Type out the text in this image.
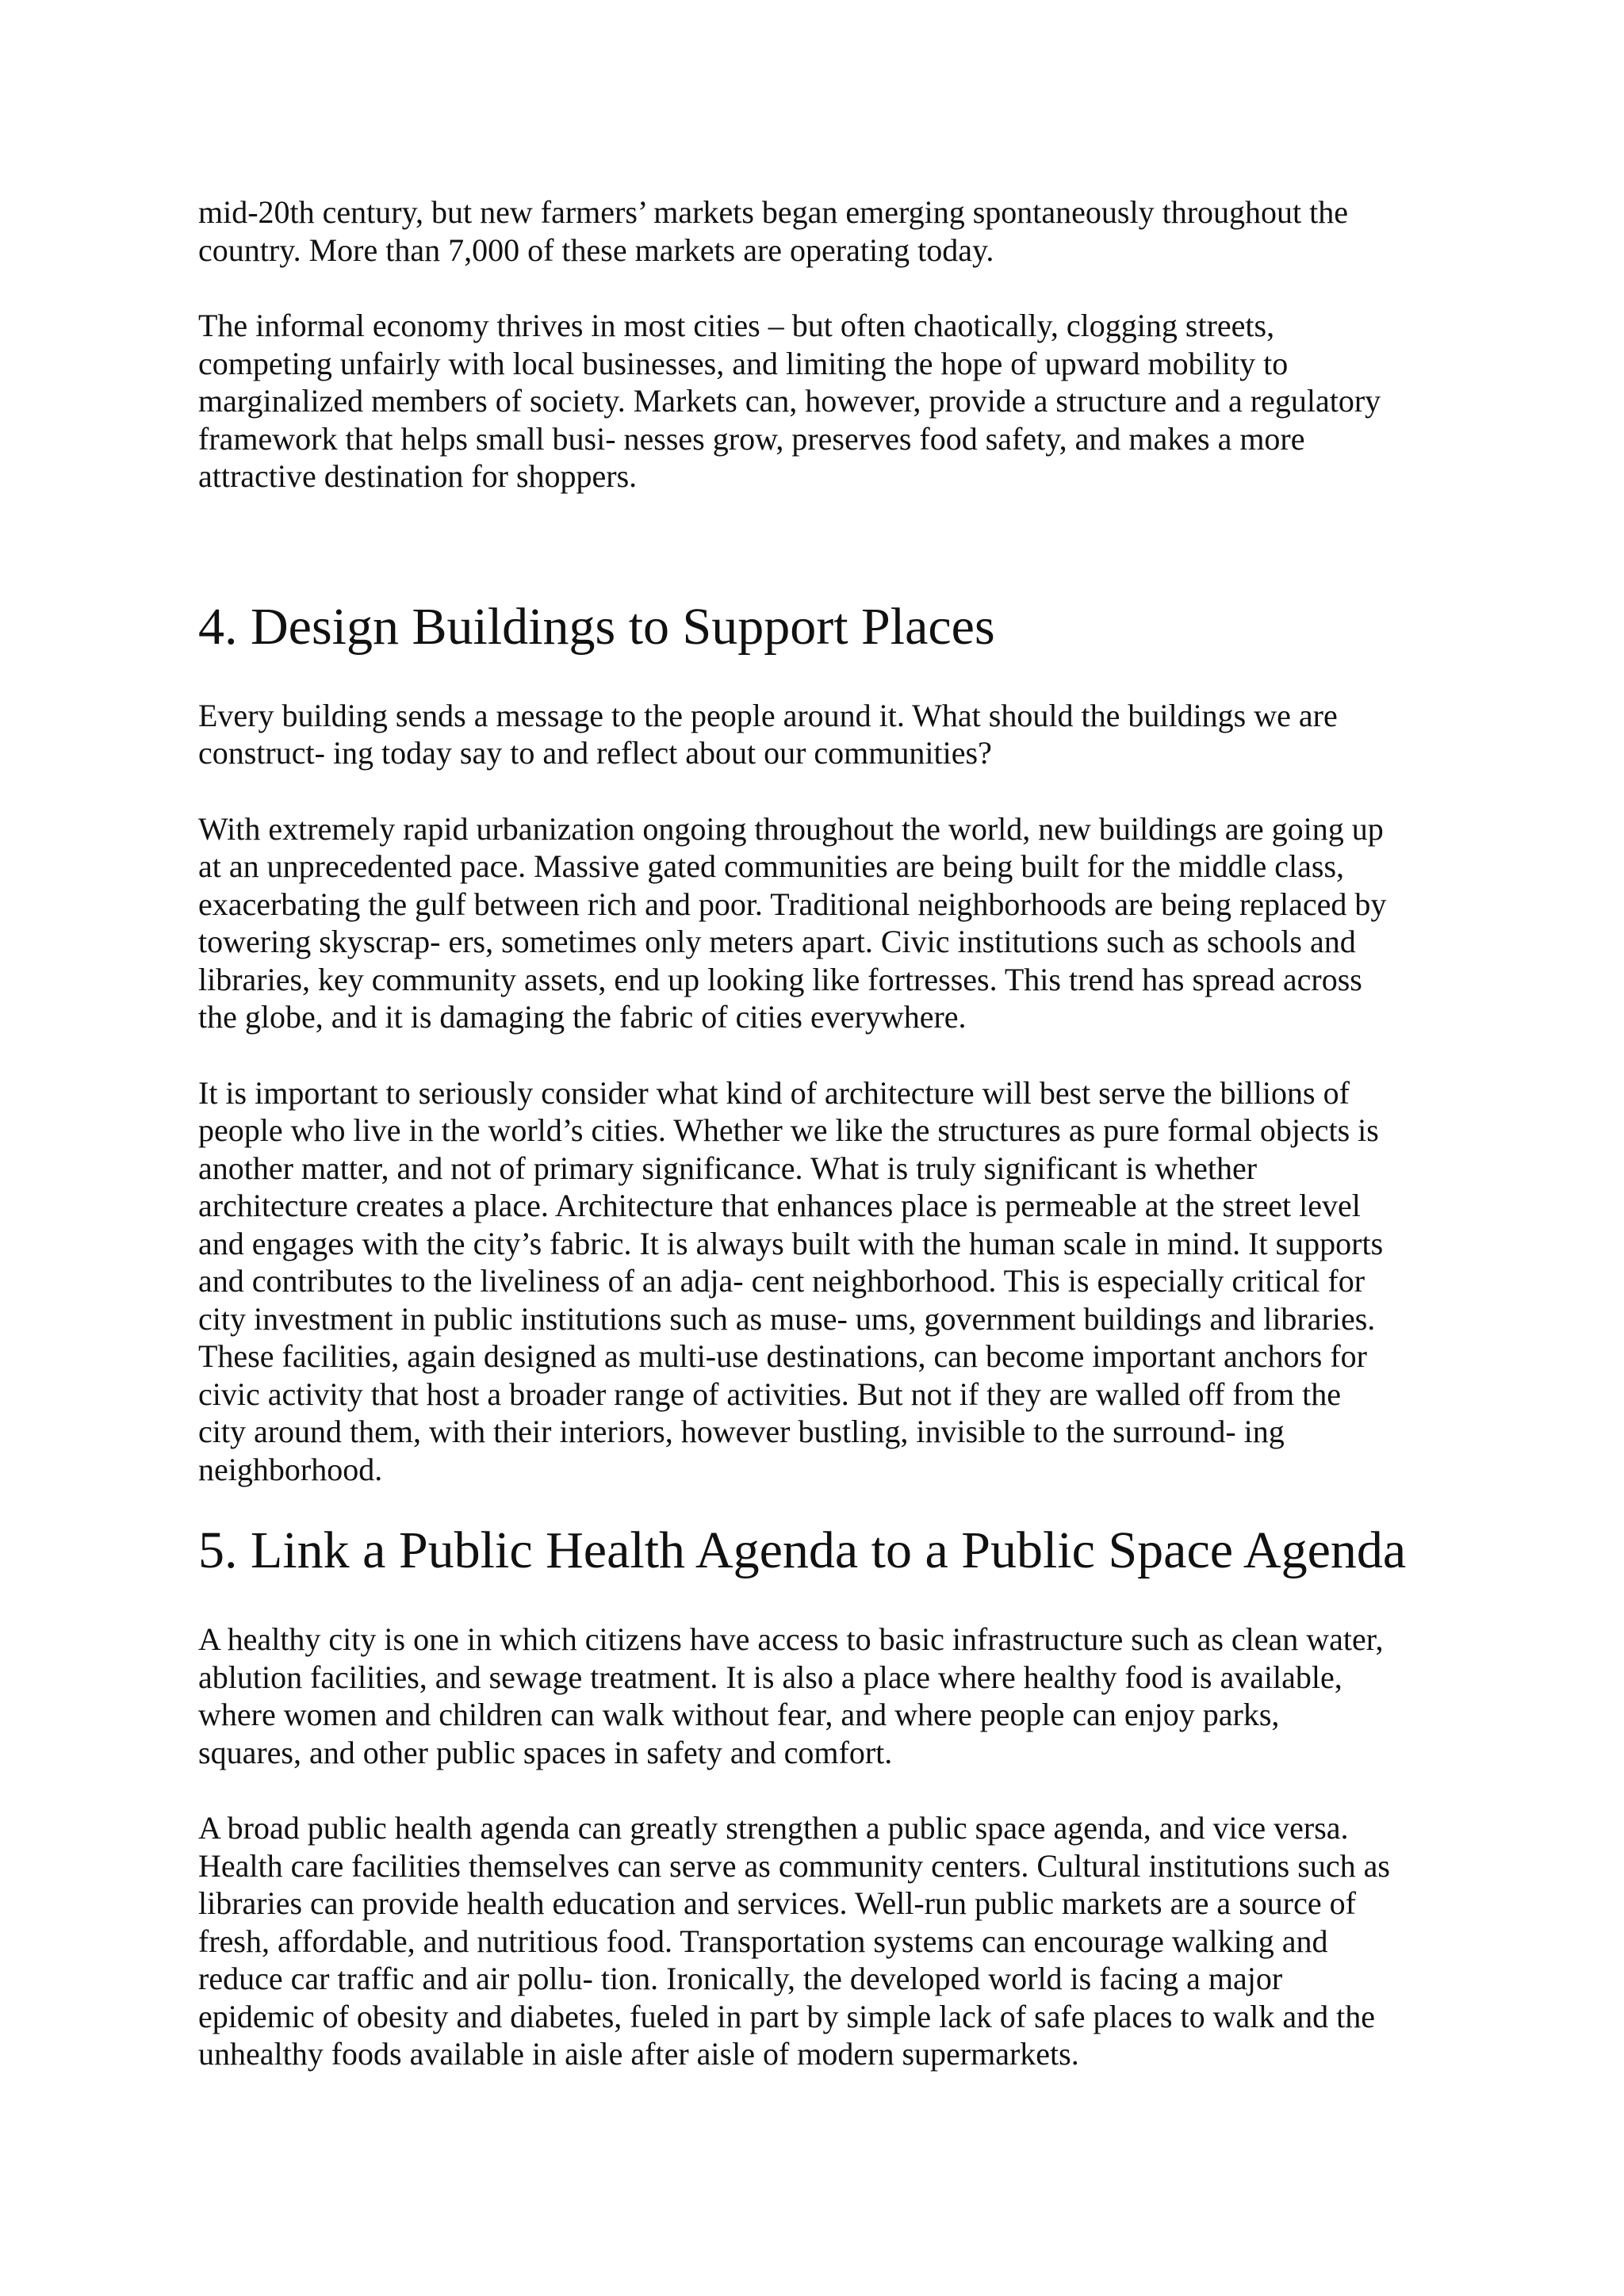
mid-20th century, but new farmers’ markets began emerging spontaneously throughout the
country. More than 7,000 of these markets are operating today.

The informal economy thrives in most cities – but often chaotically, clogging streets,
competing unfairly with local businesses, and limiting the hope of upward mobility to
marginalized members of society. Markets can, however, provide a structure and a regulatory
framework that helps small busi- nesses grow, preserves food safety, and makes a more
attractive destination for shoppers.

4. Design Buildings to Support Places

Every building sends a message to the people around it. What should the buildings we are
construct- ing today say to and reflect about our communities?

With extremely rapid urbanization ongoing throughout the world, new buildings are going up
at an unprecedented pace. Massive gated communities are being built for the middle class,
exacerbating the gulf between rich and poor. Traditional neighborhoods are being replaced by
towering skyscrap- ers, sometimes only meters apart. Civic institutions such as schools and
libraries, key community assets, end up looking like fortresses. This trend has spread across
the globe, and it is damaging the fabric of cities everywhere.

It is important to seriously consider what kind of architecture will best serve the billions of
people who live in the world’s cities. Whether we like the structures as pure formal objects is
another matter, and not of primary significance. What is truly significant is whether
architecture creates a place. Architecture that enhances place is permeable at the street level
and engages with the city’s fabric. It is always built with the human scale in mind. It supports
and contributes to the liveliness of an adja- cent neighborhood. This is especially critical for
city investment in public institutions such as muse- ums, government buildings and libraries.
These facilities, again designed as multi-use destinations, can become important anchors for
civic activity that host a broader range of activities. But not if they are walled off from the
city around them, with their interiors, however bustling, invisible to the surround- ing
neighborhood.

5. Link a Public Health Agenda to a Public Space Agenda

A healthy city is one in which citizens have access to basic infrastructure such as clean water,
ablution facilities, and sewage treatment. It is also a place where healthy food is available,
where women and children can walk without fear, and where people can enjoy parks,
squares, and other public spaces in safety and comfort.

A broad public health agenda can greatly strengthen a public space agenda, and vice versa.
Health care facilities themselves can serve as community centers. Cultural institutions such as
libraries can provide health education and services. Well-run public markets are a source of
fresh, affordable, and nutritious food. Transportation systems can encourage walking and
reduce car traffic and air pollu- tion. Ironically, the developed world is facing a major
epidemic of obesity and diabetes, fueled in part by simple lack of safe places to walk and the
unhealthy foods available in aisle after aisle of modern supermarkets.
